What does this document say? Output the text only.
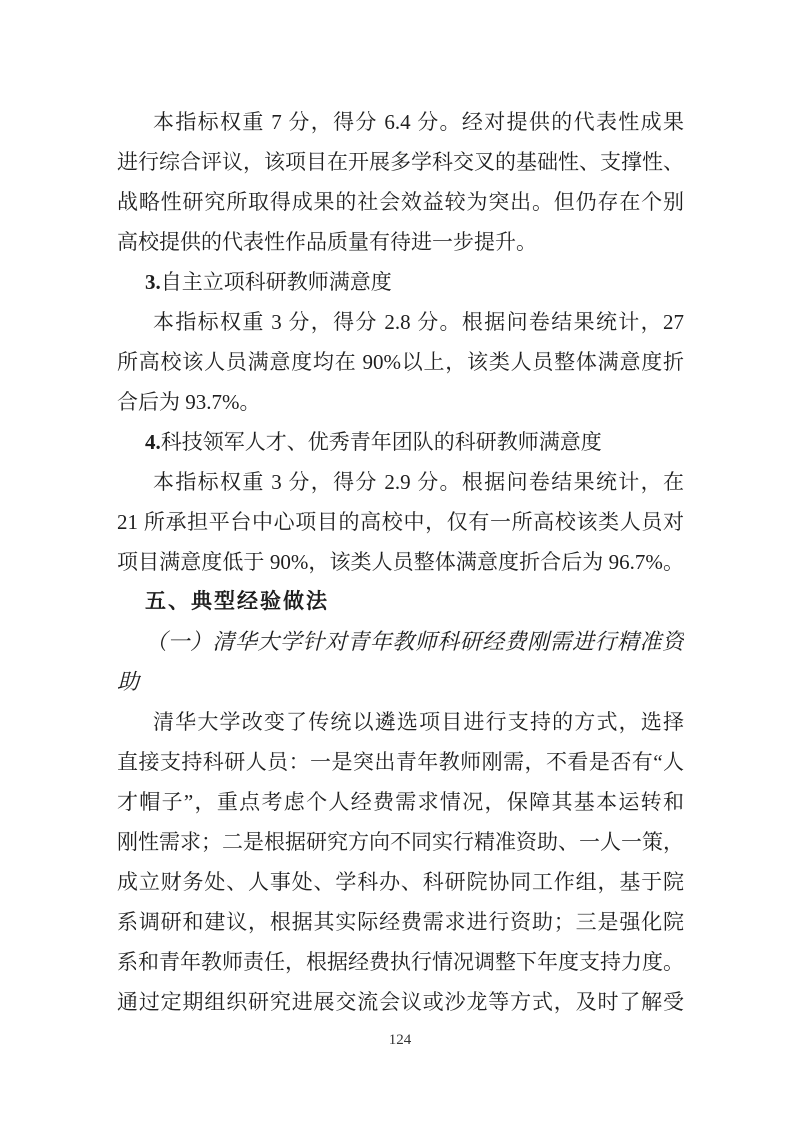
本指标权重 7 分，得分 6.4 分。经对提供的代表性成果
进行综合评议，该项目在开展多学科交叉的基础性、支撑性、
战略性研究所取得成果的社会效益较为突出。但仍存在个别
高校提供的代表性作品质量有待进一步提升。
3.自主立项科研教师满意度
本指标权重 3 分，得分 2.8 分。根据问卷结果统计，27
所高校该人员满意度均在 90%以上，该类人员整体满意度折
合后为 93.7%。
4.科技领军人才、优秀青年团队的科研教师满意度
本指标权重 3 分，得分 2.9 分。根据问卷结果统计，在
21 所承担平台中心项目的高校中，仅有一所高校该类人员对
项目满意度低于 90%，该类人员整体满意度折合后为 96.7%。
五、典型经验做法
（一）清华大学针对青年教师科研经费刚需进行精准资
助
清华大学改变了传统以遴选项目进行支持的方式，选择
直接支持科研人员：一是突出青年教师刚需，不看是否有“人
才帽子”，重点考虑个人经费需求情况，保障其基本运转和
刚性需求；二是根据研究方向不同实行精准资助、一人一策，
成立财务处、人事处、学科办、科研院协同工作组，基于院
系调研和建议，根据其实际经费需求进行资助；三是强化院
系和青年教师责任，根据经费执行情况调整下年度支持力度。
通过定期组织研究进展交流会议或沙龙等方式，及时了解受
124
